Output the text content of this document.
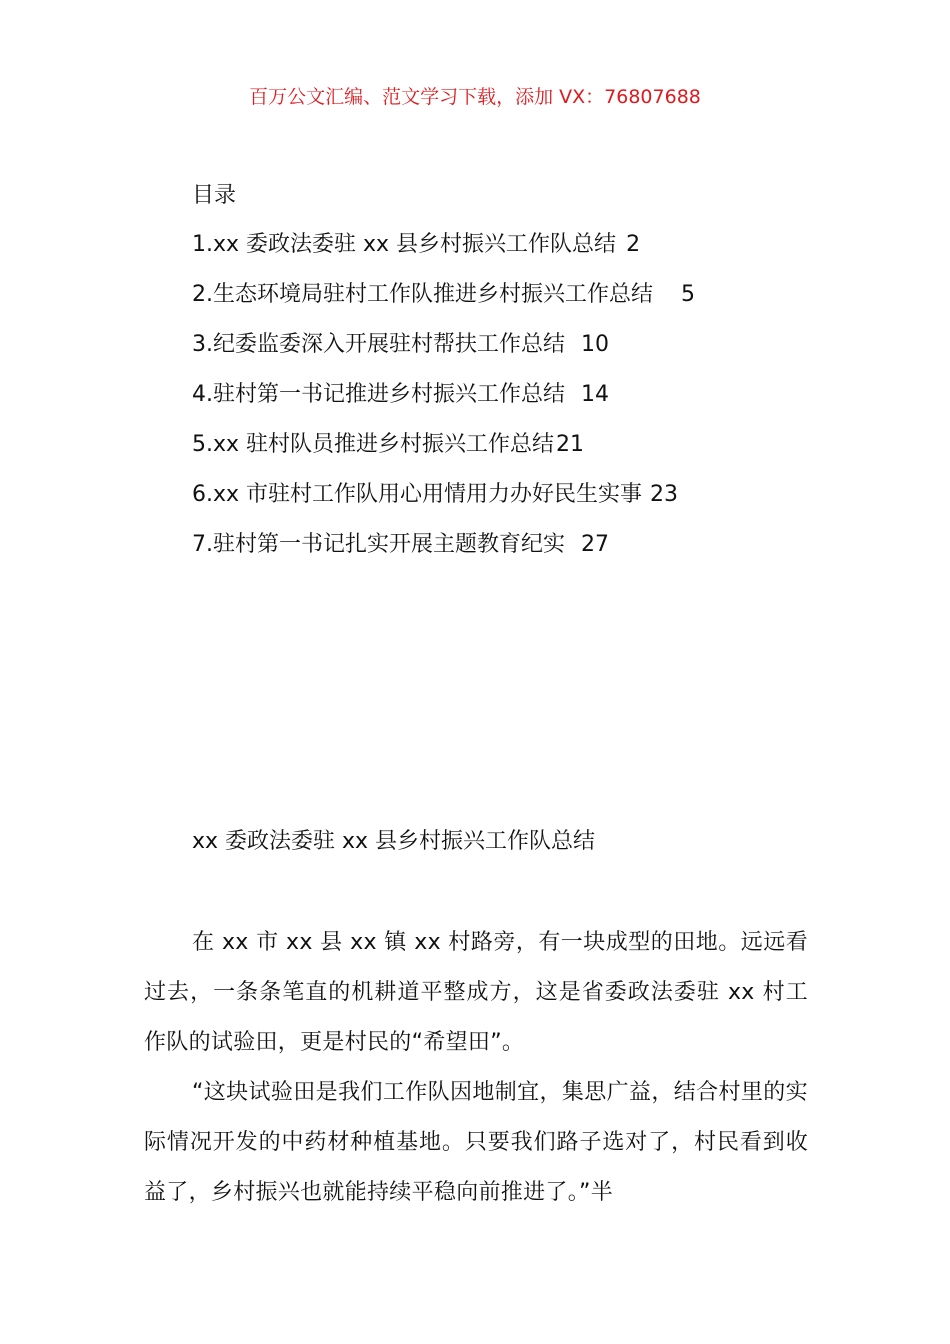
百万公文汇编、范文学习下载，添加 VX：76807688
目录
1.xx 委政法委驻 xx 县乡村振兴工作队总结 2
2.生态环境局驻村工作队推进乡村振兴工作总结 5
3.纪委监委深入开展驻村帮扶工作总结 10
4.驻村第一书记推进乡村振兴工作总结 14
5.xx 驻村队员推进乡村振兴工作总结21
6.xx 市驻村工作队用心用情用力办好民生实事 23
7.驻村第一书记扎实开展主题教育纪实 27
xx 委政法委驻 xx 县乡村振兴工作队总结

在 xx 市 xx 县 xx 镇 xx 村路旁，有一块成型的田地。远远看过去，一条条笔直的机耕道平整成方，这是省委政法委驻 xx 村工作队的试验田，更是村民的“希望田”。

“这块试验田是我们工作队因地制宜，集思广益，结合村里的实际情况开发的中药材种植基地。只要我们路子选对了，村民看到收益了，乡村振兴也就能持续平稳向前推进了。”半
